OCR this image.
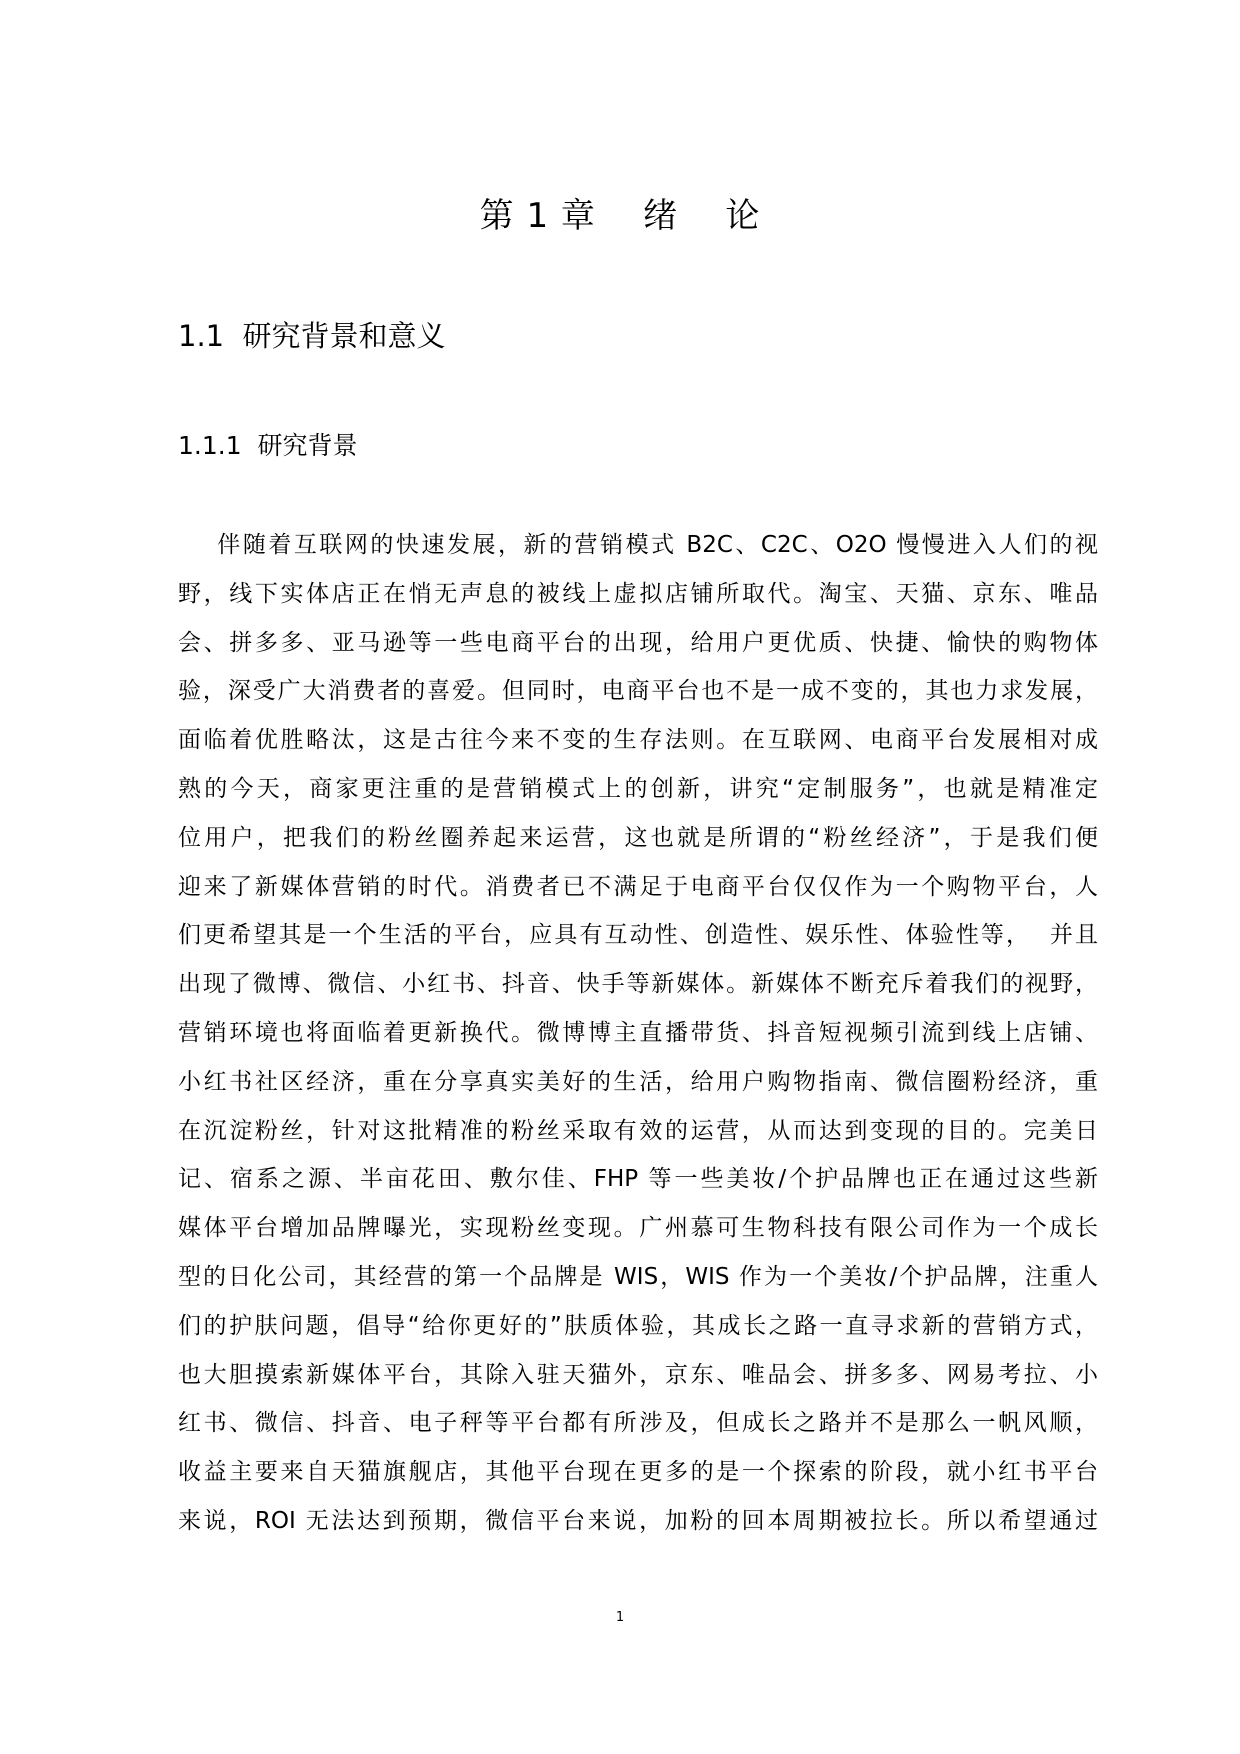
第 1 章    绪    论
1.1  研究背景和意义
1.1.1  研究背景
伴随着互联网的快速发展，新的营销模式 B2C、C2C、O2O 慢慢进入人们的视
野，线下实体店正在悄无声息的被线上虚拟店铺所取代。淘宝、天猫、京东、唯品
会、拼多多、亚马逊等一些电商平台的出现，给用户更优质、快捷、愉快的购物体
验，深受广大消费者的喜爱。但同时，电商平台也不是一成不变的，其也力求发展，
面临着优胜略汰，这是古往今来不变的生存法则。在互联网、电商平台发展相对成
熟的今天，商家更注重的是营销模式上的创新，讲究“定制服务”，也就是精准定
位用户，把我们的粉丝圈养起来运营，这也就是所谓的“粉丝经济”，于是我们便
迎来了新媒体营销的时代。消费者已不满足于电商平台仅仅作为一个购物平台，人
们更希望其是一个生活的平台，应具有互动性、创造性、娱乐性、体验性等，  并且
出现了微博、微信、小红书、抖音、快手等新媒体。新媒体不断充斥着我们的视野，
营销环境也将面临着更新换代。微博博主直播带货、抖音短视频引流到线上店铺、
小红书社区经济，重在分享真实美好的生活，给用户购物指南、微信圈粉经济，重
在沉淀粉丝，针对这批精准的粉丝采取有效的运营，从而达到变现的目的。完美日
记、宿系之源、半亩花田、敷尔佳、FHP 等一些美妆/个护品牌也正在通过这些新
媒体平台增加品牌曝光，实现粉丝变现。广州慕可生物科技有限公司作为一个成长
型的日化公司，其经营的第一个品牌是 WIS，WIS 作为一个美妆/个护品牌，注重人
们的护肤问题，倡导“给你更好的”肤质体验，其成长之路一直寻求新的营销方式，
也大胆摸索新媒体平台，其除入驻天猫外，京东、唯品会、拼多多、网易考拉、小
红书、微信、抖音、电子秤等平台都有所涉及，但成长之路并不是那么一帆风顺，
收益主要来自天猫旗舰店，其他平台现在更多的是一个探索的阶段，就小红书平台
来说，ROI 无法达到预期，微信平台来说，加粉的回本周期被拉长。所以希望通过
1
